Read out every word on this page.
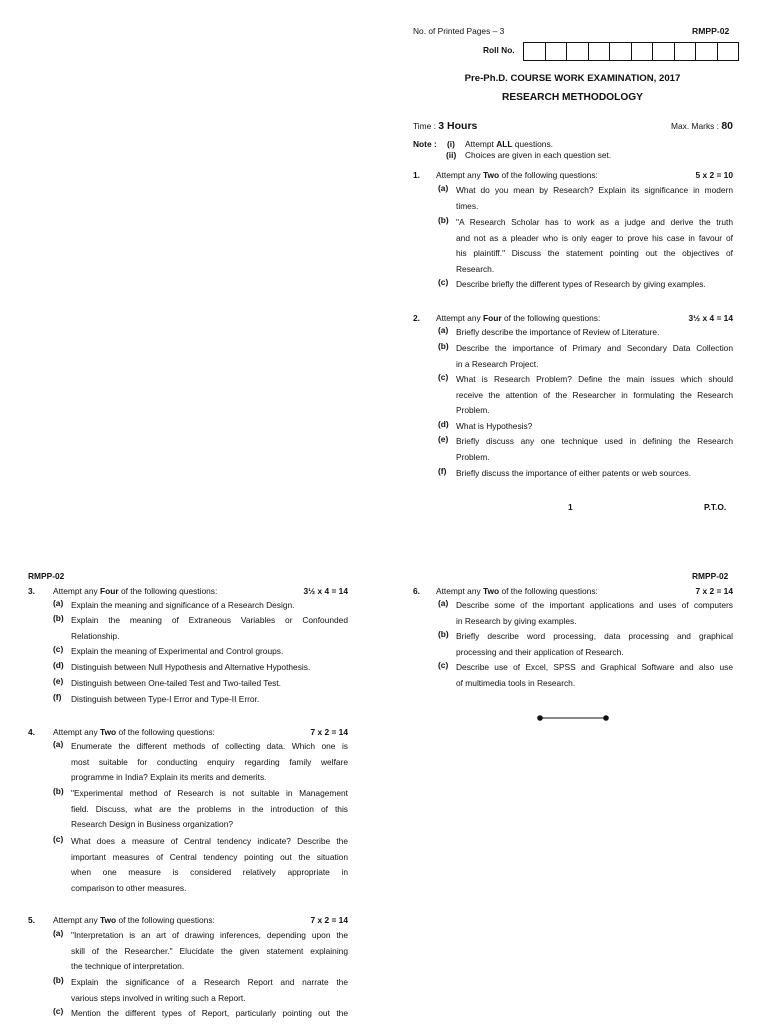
No. of Printed Pages – 3	RMPP-02
Roll No.
Pre-Ph.D. COURSE WORK EXAMINATION, 2017
RESEARCH METHODOLOGY
Time : 3 Hours	Max. Marks : 80
Note : (i) Attempt ALL questions.
(ii) Choices are given in each question set.
1.	Attempt any Two of the following questions:	5 x 2 = 10
(a) What do you mean by Research? Explain its significance in modern
times.
(b) "A Research Scholar has to work as a judge and derive the truth
and not as a pleader who is only eager to prove his case in favour of
his plaintiff." Discuss the statement pointing out the objectives of
Research.
(c) Describe briefly the different types of Research by giving examples.
2.	Attempt any Four of the following questions:	3½ x 4 = 14
(a) Briefly describe the importance of Review of Literature.
(b) Describe the importance of Primary and Secondary Data Collection
in a Research Project.
(c) What is Research Problem? Define the main issues which should
receive the attention of the Researcher in formulating the Research
Problem.
(d) What is Hypothesis?
(e) Briefly discuss any one technique used in defining the Research
Problem.
(f)	Briefly discuss the importance of either patents or web sources.
1	P.T.O.
RMPP-02	RMPP-02
3.	Attempt any Four of the following questions:	3½ x 4 = 14
(a) Explain the meaning and significance of a Research Design.
(b) Explain the meaning of Extraneous Variables or Confounded
Relationship.
(c) Explain the meaning of Experimental and Control groups.
(d) Distinguish between Null Hypothesis and Alternative Hypothesis.
(e) Distinguish between One-tailed Test and Two-tailed Test.
(f)	Distinguish between Type-I Error and Type-II Error.
4.	Attempt any Two of the following questions:	7 x 2 = 14
(a) Enumerate the different methods of collecting data. Which one is
most suitable for conducting enquiry regarding family welfare
programme in India? Explain its merits and demerits.
(b) "Experimental method of Research is not suitable in Management
field. Discuss, what are the problems in the introduction of this
Research Design in Business organization?
(c) What does a measure of Central tendency indicate? Describe the
important measures of Central tendency pointing out the situation
when one measure is considered relatively appropriate in
comparison to other measures.
5.	Attempt any Two of the following questions:	7 x 2 = 14
(a) "Interpretation is an art of drawing inferences, depending upon the
skill of the Researcher." Elucidate the given statement explaining
the technique of interpretation.
(b) Explain the significance of a Research Report and narrate the
various steps involved in writing such a Report.
(c) Mention the different types of Report, particularly pointing out the
6.	Attempt any Two of the following questions:	7 x 2 = 14
(a) Describe some of the important applications and uses of computers
in Research by giving examples.
(b) Briefly describe word processing, data processing and graphical
processing and their application of Research.
(c) Describe use of Excel, SPSS and Graphical Software and also use
of multimedia tools in Research.
